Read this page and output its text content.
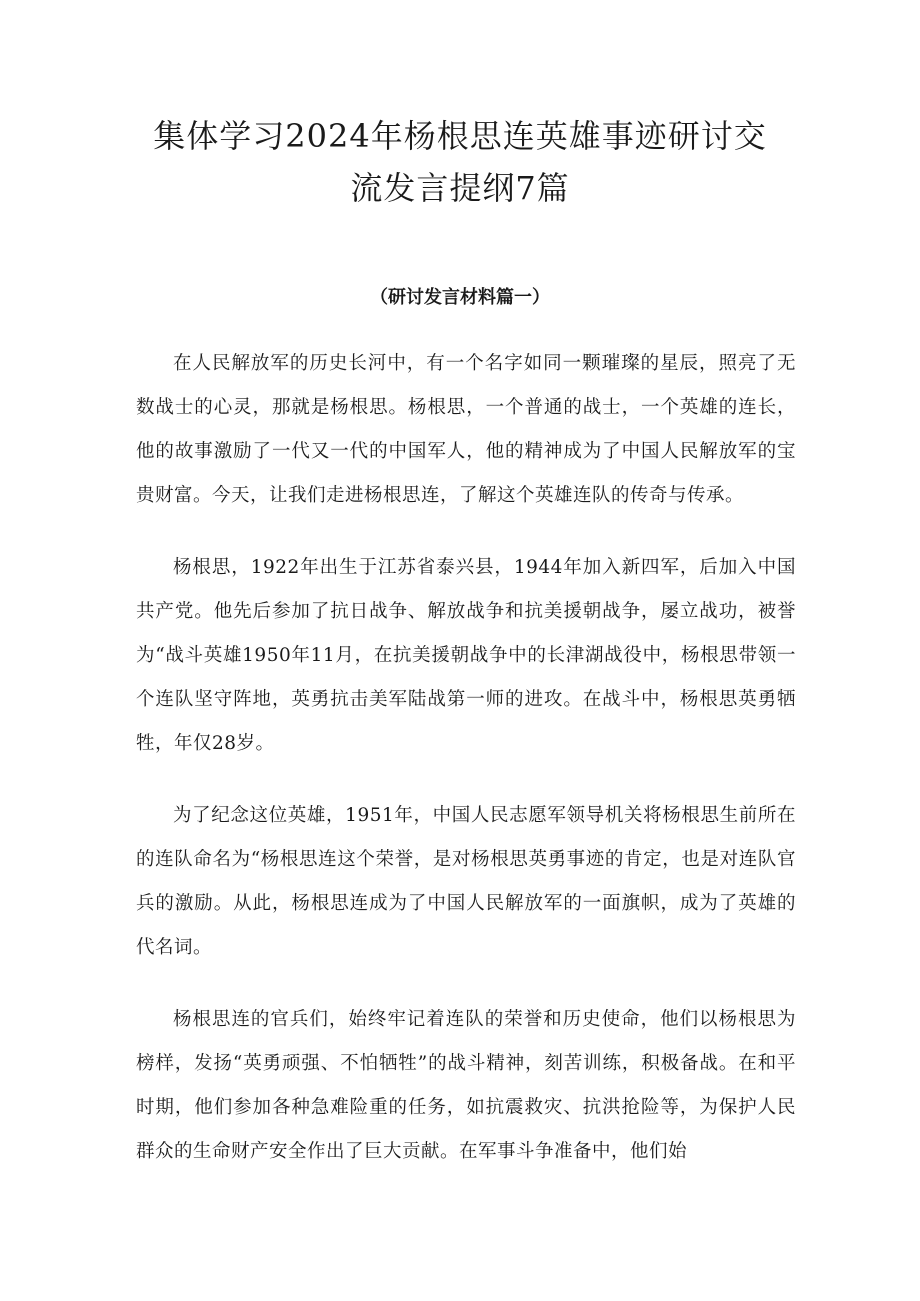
集体学习2024年杨根思连英雄事迹研讨交
流发言提纲7篇
（研讨发言材料篇一）

在人民解放军的历史长河中，有一个名字如同一颗璀璨的星辰，照亮了无数战士的心灵，那就是杨根思。杨根思，一个普通的战士，一个英雄的连长，他的故事激励了一代又一代的中国军人，他的精神成为了中国人民解放军的宝贵财富。今天，让我们走进杨根思连，了解这个英雄连队的传奇与传承。

杨根思，1922年出生于江苏省泰兴县，1944年加入新四军，后加入中国共产党。他先后参加了抗日战争、解放战争和抗美援朝战争，屡立战功，被誉为“战斗英雄1950年11月，在抗美援朝战争中的长津湖战役中，杨根思带领一个连队坚守阵地，英勇抗击美军陆战第一师的进攻。在战斗中，杨根思英勇牺牲，年仅28岁。

为了纪念这位英雄，1951年，中国人民志愿军领导机关将杨根思生前所在的连队命名为“杨根思连这个荣誉，是对杨根思英勇事迹的肯定，也是对连队官兵的激励。从此，杨根思连成为了中国人民解放军的一面旗帜，成为了英雄的代名词。

杨根思连的官兵们，始终牢记着连队的荣誉和历史使命，他们以杨根思为榜样，发扬“英勇顽强、不怕牺牲”的战斗精神，刻苦训练，积极备战。在和平时期，他们参加各种急难险重的任务，如抗震救灾、抗洪抢险等，为保护人民群众的生命财产安全作出了巨大贡献。在军事斗争准备中，他们始
